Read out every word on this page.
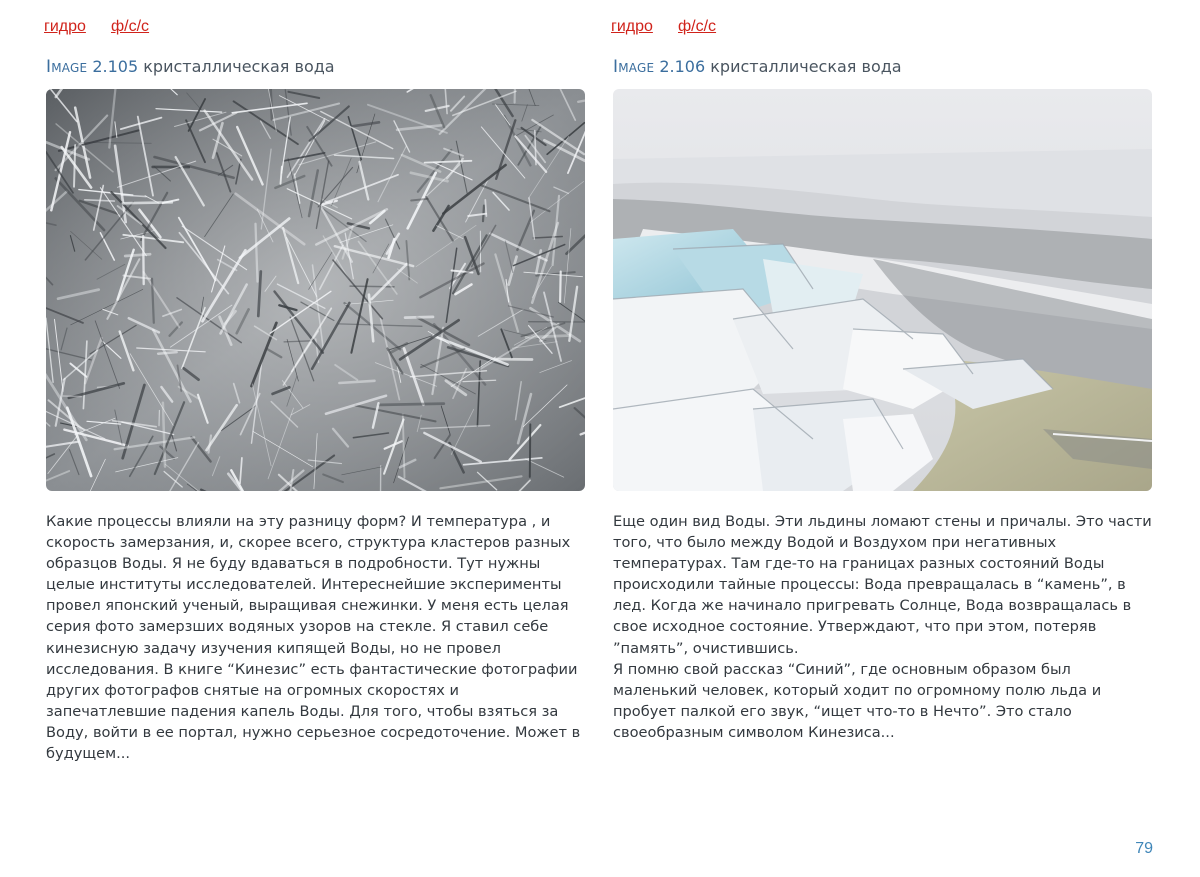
гидро ф/с/с
Image 2.105 кристаллическая вода
Какие процессы влияли на эту разницу форм? И температура , и
скорость замерзания, и, скорее всего, структура кластеров разных
образцов Воды. Я не буду вдаваться в подробности. Тут нужны
целые институты исследователей. Интереснейшие эксперименты
провел японский ученый, выращивая снежинки. У меня есть целая
серия фото замерзших водяных узоров на стекле. Я ставил себе
кинезисную задачу изучения кипящей Воды, но не провел
исследования. В книге “Кинезис” есть фантастические фотографии
других фотографов снятые на огромных скоростях и
запечатлевшие падения капель Воды. Для того, чтобы взяться за
Воду, войти в ее портал, нужно серьезное сосредоточение. Может в
будущем...
гидро ф/с/с
Image 2.106 кристаллическая вода
Еще один вид Воды. Эти льдины ломают стены и причалы. Это части
того, что было между Водой и Воздухом при негативных
температурах. Там где-то на границах разных состояний Воды
происходили тайные процессы: Вода превращалась в “камень”, в
лед. Когда же начинало пригревать Солнце, Вода возвращалась в
свое исходное состояние. Утверждают, что при этом, потеряв
”память”, очистившись.
Я помню свой рассказ “Синий”, где основным образом был
маленький человек, который ходит по огромному полю льда и
пробует палкой его звук, “ищет что-то в Нечто”. Это стало
своеобразным символом Кинезиса...
79
